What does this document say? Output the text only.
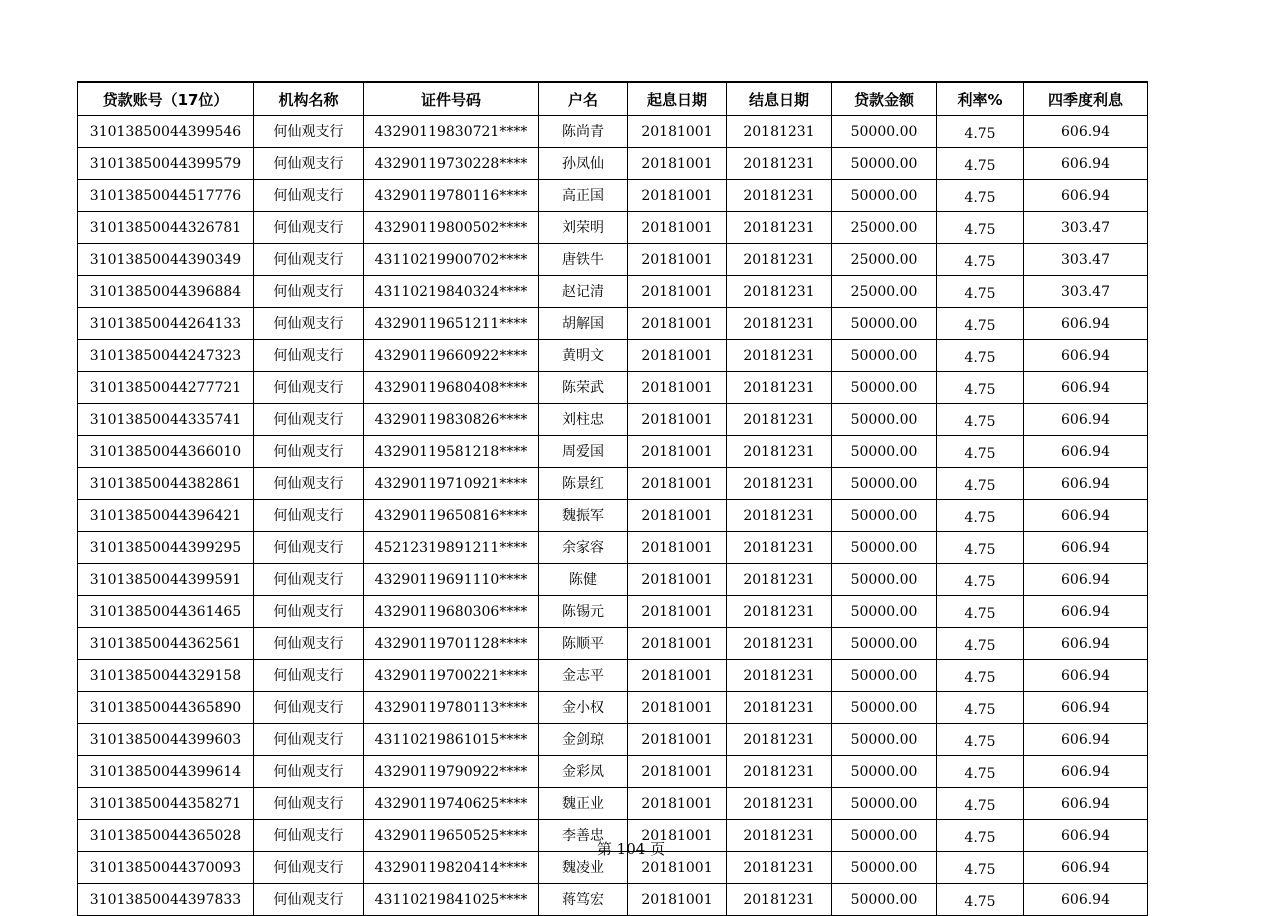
贷款账号（17位）	机构名称	证件号码	户名	起息日期	结息日期	贷款金额	利率%	四季度利息
31013850044399546	何仙观支行	43290119830721****	陈尚青	20181001	20181231	50000.00	4.75	606.94
31013850044399579	何仙观支行	43290119730228****	孙凤仙	20181001	20181231	50000.00	4.75	606.94
31013850044517776	何仙观支行	43290119780116****	高正国	20181001	20181231	50000.00	4.75	606.94
31013850044326781	何仙观支行	43290119800502****	刘荣明	20181001	20181231	25000.00	4.75	303.47
31013850044390349	何仙观支行	43110219900702****	唐铁牛	20181001	20181231	25000.00	4.75	303.47
31013850044396884	何仙观支行	43110219840324****	赵记清	20181001	20181231	25000.00	4.75	303.47
31013850044264133	何仙观支行	43290119651211****	胡解国	20181001	20181231	50000.00	4.75	606.94
31013850044247323	何仙观支行	43290119660922****	黄明文	20181001	20181231	50000.00	4.75	606.94
31013850044277721	何仙观支行	43290119680408****	陈荣武	20181001	20181231	50000.00	4.75	606.94
31013850044335741	何仙观支行	43290119830826****	刘柱忠	20181001	20181231	50000.00	4.75	606.94
31013850044366010	何仙观支行	43290119581218****	周爱国	20181001	20181231	50000.00	4.75	606.94
31013850044382861	何仙观支行	43290119710921****	陈景红	20181001	20181231	50000.00	4.75	606.94
31013850044396421	何仙观支行	43290119650816****	魏振军	20181001	20181231	50000.00	4.75	606.94
31013850044399295	何仙观支行	45212319891211****	余家容	20181001	20181231	50000.00	4.75	606.94
31013850044399591	何仙观支行	43290119691110****	陈健	20181001	20181231	50000.00	4.75	606.94
31013850044361465	何仙观支行	43290119680306****	陈锡元	20181001	20181231	50000.00	4.75	606.94
31013850044362561	何仙观支行	43290119701128****	陈顺平	20181001	20181231	50000.00	4.75	606.94
31013850044329158	何仙观支行	43290119700221****	金志平	20181001	20181231	50000.00	4.75	606.94
31013850044365890	何仙观支行	43290119780113****	金小权	20181001	20181231	50000.00	4.75	606.94
31013850044399603	何仙观支行	43110219861015****	金剑琼	20181001	20181231	50000.00	4.75	606.94
31013850044399614	何仙观支行	43290119790922****	金彩凤	20181001	20181231	50000.00	4.75	606.94
31013850044358271	何仙观支行	43290119740625****	魏正业	20181001	20181231	50000.00	4.75	606.94
31013850044365028	何仙观支行	43290119650525****	李善忠	20181001	20181231	50000.00	4.75	606.94
31013850044370093	何仙观支行	43290119820414****	魏凌业	20181001	20181231	50000.00	4.75	606.94
31013850044397833	何仙观支行	43110219841025****	蒋笃宏	20181001	20181231	50000.00	4.75	606.94
第 104 页
